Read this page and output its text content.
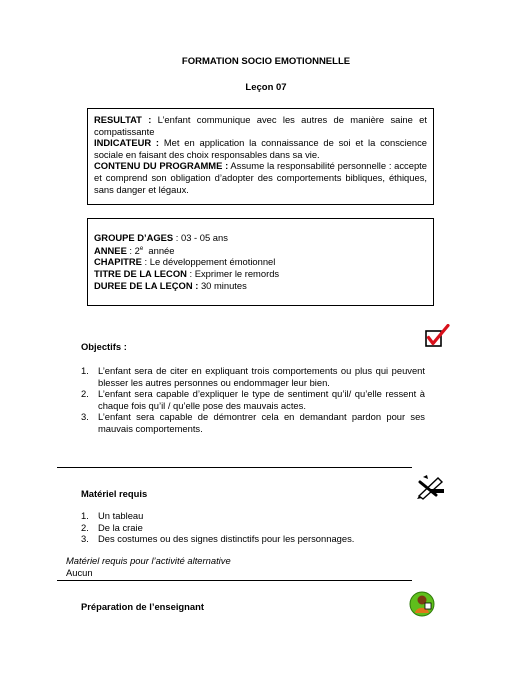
FORMATION SOCIO EMOTIONNELLE
Leçon 07

RESULTAT : L’enfant communique avec les autres de manière saine et compatissante

INDICATEUR : Met en application la connaissance de soi et la conscience sociale en faisant des choix responsables dans sa vie.

CONTENU DU PROGRAMME : Assume la responsabilité personnelle : accepte et comprend son obligation d’adopter des comportements bibliques, éthiques, sans danger et légaux.

GROUPE D’AGES : 03 - 05 ans

ANNEE : 2e  année

CHAPITRE : Le développement émotionnel

TITRE DE LA LECON : Exprimer le remords

DUREE DE LA LEÇON : 30 minutes

Objectifs :
1. L’enfant sera de citer en expliquant trois comportements ou plus qui peuvent blesser les autres personnes ou endommager leur bien.
2. L’enfant sera capable d’expliquer le type de sentiment qu’il/ qu’elle ressent à chaque fois qu’il / qu’elle pose des mauvais actes.
3. L’enfant sera capable de démontrer cela en demandant pardon pour ses mauvais comportements.
Matériel requis
1. Un tableau
2. De la craie
3. Des costumes ou des signes distinctifs pour les personnages.
Matériel requis pour l’activité alternative
Aucun
Préparation de l’enseignant
